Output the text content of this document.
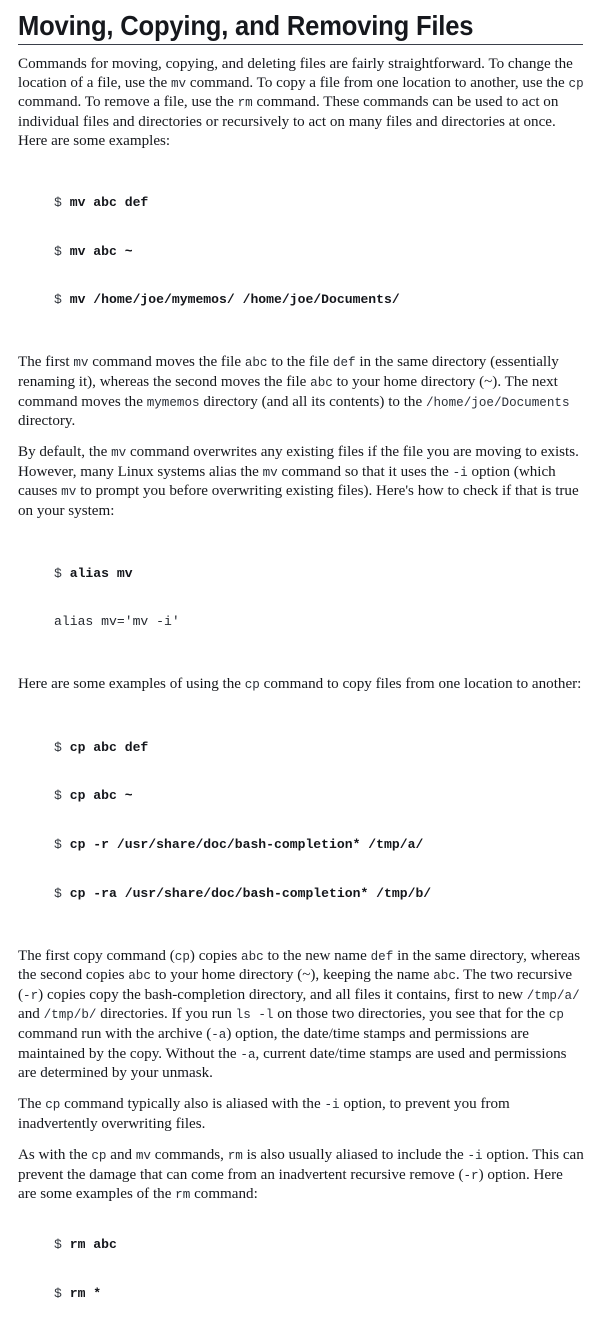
Moving, Copying, and Removing Files

Commands for moving, copying, and deleting files are fairly straightforward. To change the location of a file, use the mv command. To copy a file from one location to another, use the cp command. To remove a file, use the rm command. These commands can be used to act on individual files and directories or recursively to act on many files and directories at once. Here are some examples:

$ mv abc def

$ mv abc ~

$ mv /home/joe/mymemos/ /home/joe/Documents/

The first mv command moves the file abc to the file def in the same directory (essentially renaming it), whereas the second moves the file abc to your home directory (~). The next command moves the mymemos directory (and all its contents) to the /home/joe/Documents directory.

By default, the mv command overwrites any existing files if the file you are moving to exists. However, many Linux systems alias the mv command so that it uses the -i option (which causes mv to prompt you before overwriting existing files). Here's how to check if that is true on your system:

$ alias mv

alias mv='mv -i'

Here are some examples of using the cp command to copy files from one location to another:

$ cp abc def

$ cp abc ~

$ cp -r /usr/share/doc/bash-completion* /tmp/a/

$ cp -ra /usr/share/doc/bash-completion* /tmp/b/

The first copy command (cp) copies abc to the new name def in the same directory, whereas the second copies abc to your home directory (~), keeping the name abc. The two recursive (-r) copies copy the bash-completion directory, and all files it contains, first to new /tmp/a/ and /tmp/b/ directories. If you run ls -l on those two directories, you see that for the cp command run with the archive (-a) option, the date/time stamps and permissions are maintained by the copy. Without the -a, current date/time stamps are used and permissions are determined by your unmask.

The cp command typically also is aliased with the -i option, to prevent you from inadvertently overwriting files.

As with the cp and mv commands, rm is also usually aliased to include the -i option. This can prevent the damage that can come from an inadvertent recursive remove (-r) option. Here are some examples of the rm command:

$ rm abc

$ rm *
